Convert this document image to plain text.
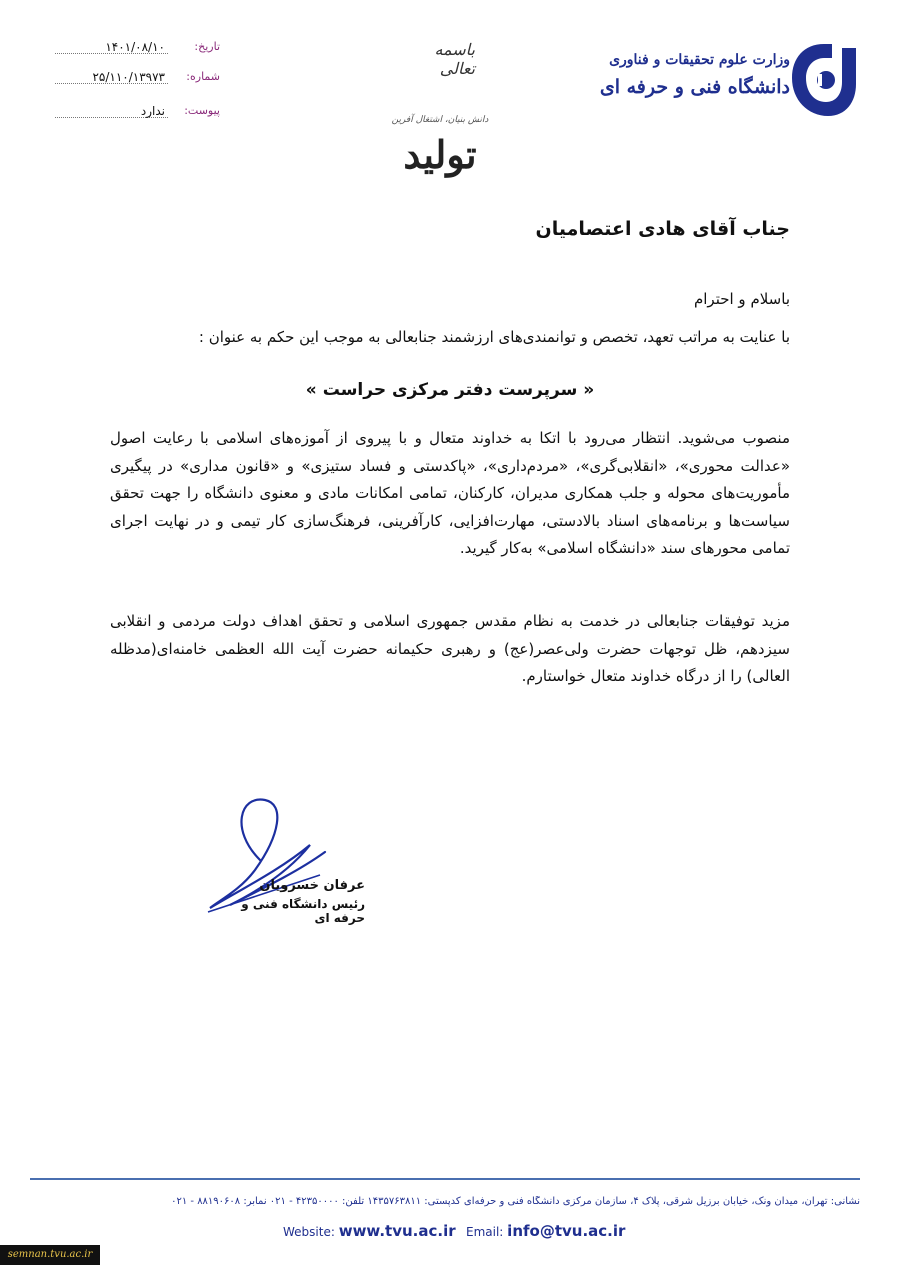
تاریخ:
۱۴۰۱/۰۸/۱۰
شماره:
۲۵/۱۱۰/۱۳۹۷۳
پیوست:
ندارد
باسمه تعالی
دانش بنیان، اشتغال آفرین
تولید
وزارت علوم تحقیقات و فناوری
دانشگاه فنی و حرفه ای
جناب آقای هادی اعتصامیان
باسلام و احترام
با عنایت به مراتب تعهد، تخصص و توانمندی‌های ارزشمند جنابعالی به موجب این حکم به عنوان :
« سرپرست دفتر مرکزی حراست »
منصوب می‌شوید. انتظار می‌رود با اتکا به خداوند متعال و با پیروی از آموزه‌های اسلامی با رعایت اصول «عدالت محوری»، «انقلابی‌گری»، «مردم‌داری»، «پاکدستی و فساد ستیزی» و «قانون مداری» در پیگیری مأموریت‌های محوله و جلب همکاری مدیران، کارکنان، تمامی امکانات مادی و معنوی دانشگاه را جهت تحقق سیاست‌ها و برنامه‌های اسناد بالادستی، مهارت‌افزایی، کارآفرینی، فرهنگ‌سازی کار تیمی و در نهایت اجرای تمامی محورهای سند «دانشگاه اسلامی» به‌کار گیرید.
مزید توفیقات جنابعالی در خدمت به نظام مقدس جمهوری اسلامی و تحقق اهداف دولت مردمی و انقلابی سیزدهم، ظل توجهات حضرت ولی‌عصر(عج) و رهبری حکیمانه حضرت آیت الله العظمی خامنه‌ای(مدظله العالی) را از درگاه خداوند متعال خواستارم.
عرفان خسرویان
رئیس دانشگاه فنی و حرفه ای
نشانی: تهران، میدان ونک، خیابان برزیل شرقی، پلاک ۴، سازمان مرکزی دانشگاه فنی و حرفه‌ای کدپستی: ۱۴۳۵۷۶۳۸۱۱ تلفن: ۴۲۳۵۰۰۰۰ - ۰۲۱ نمابر: ۸۸۱۹۰۶۰۸ - ۰۲۱
Website: www.tvu.ac.ir Email: info@tvu.ac.ir
semnan.tvu.ac.ir
